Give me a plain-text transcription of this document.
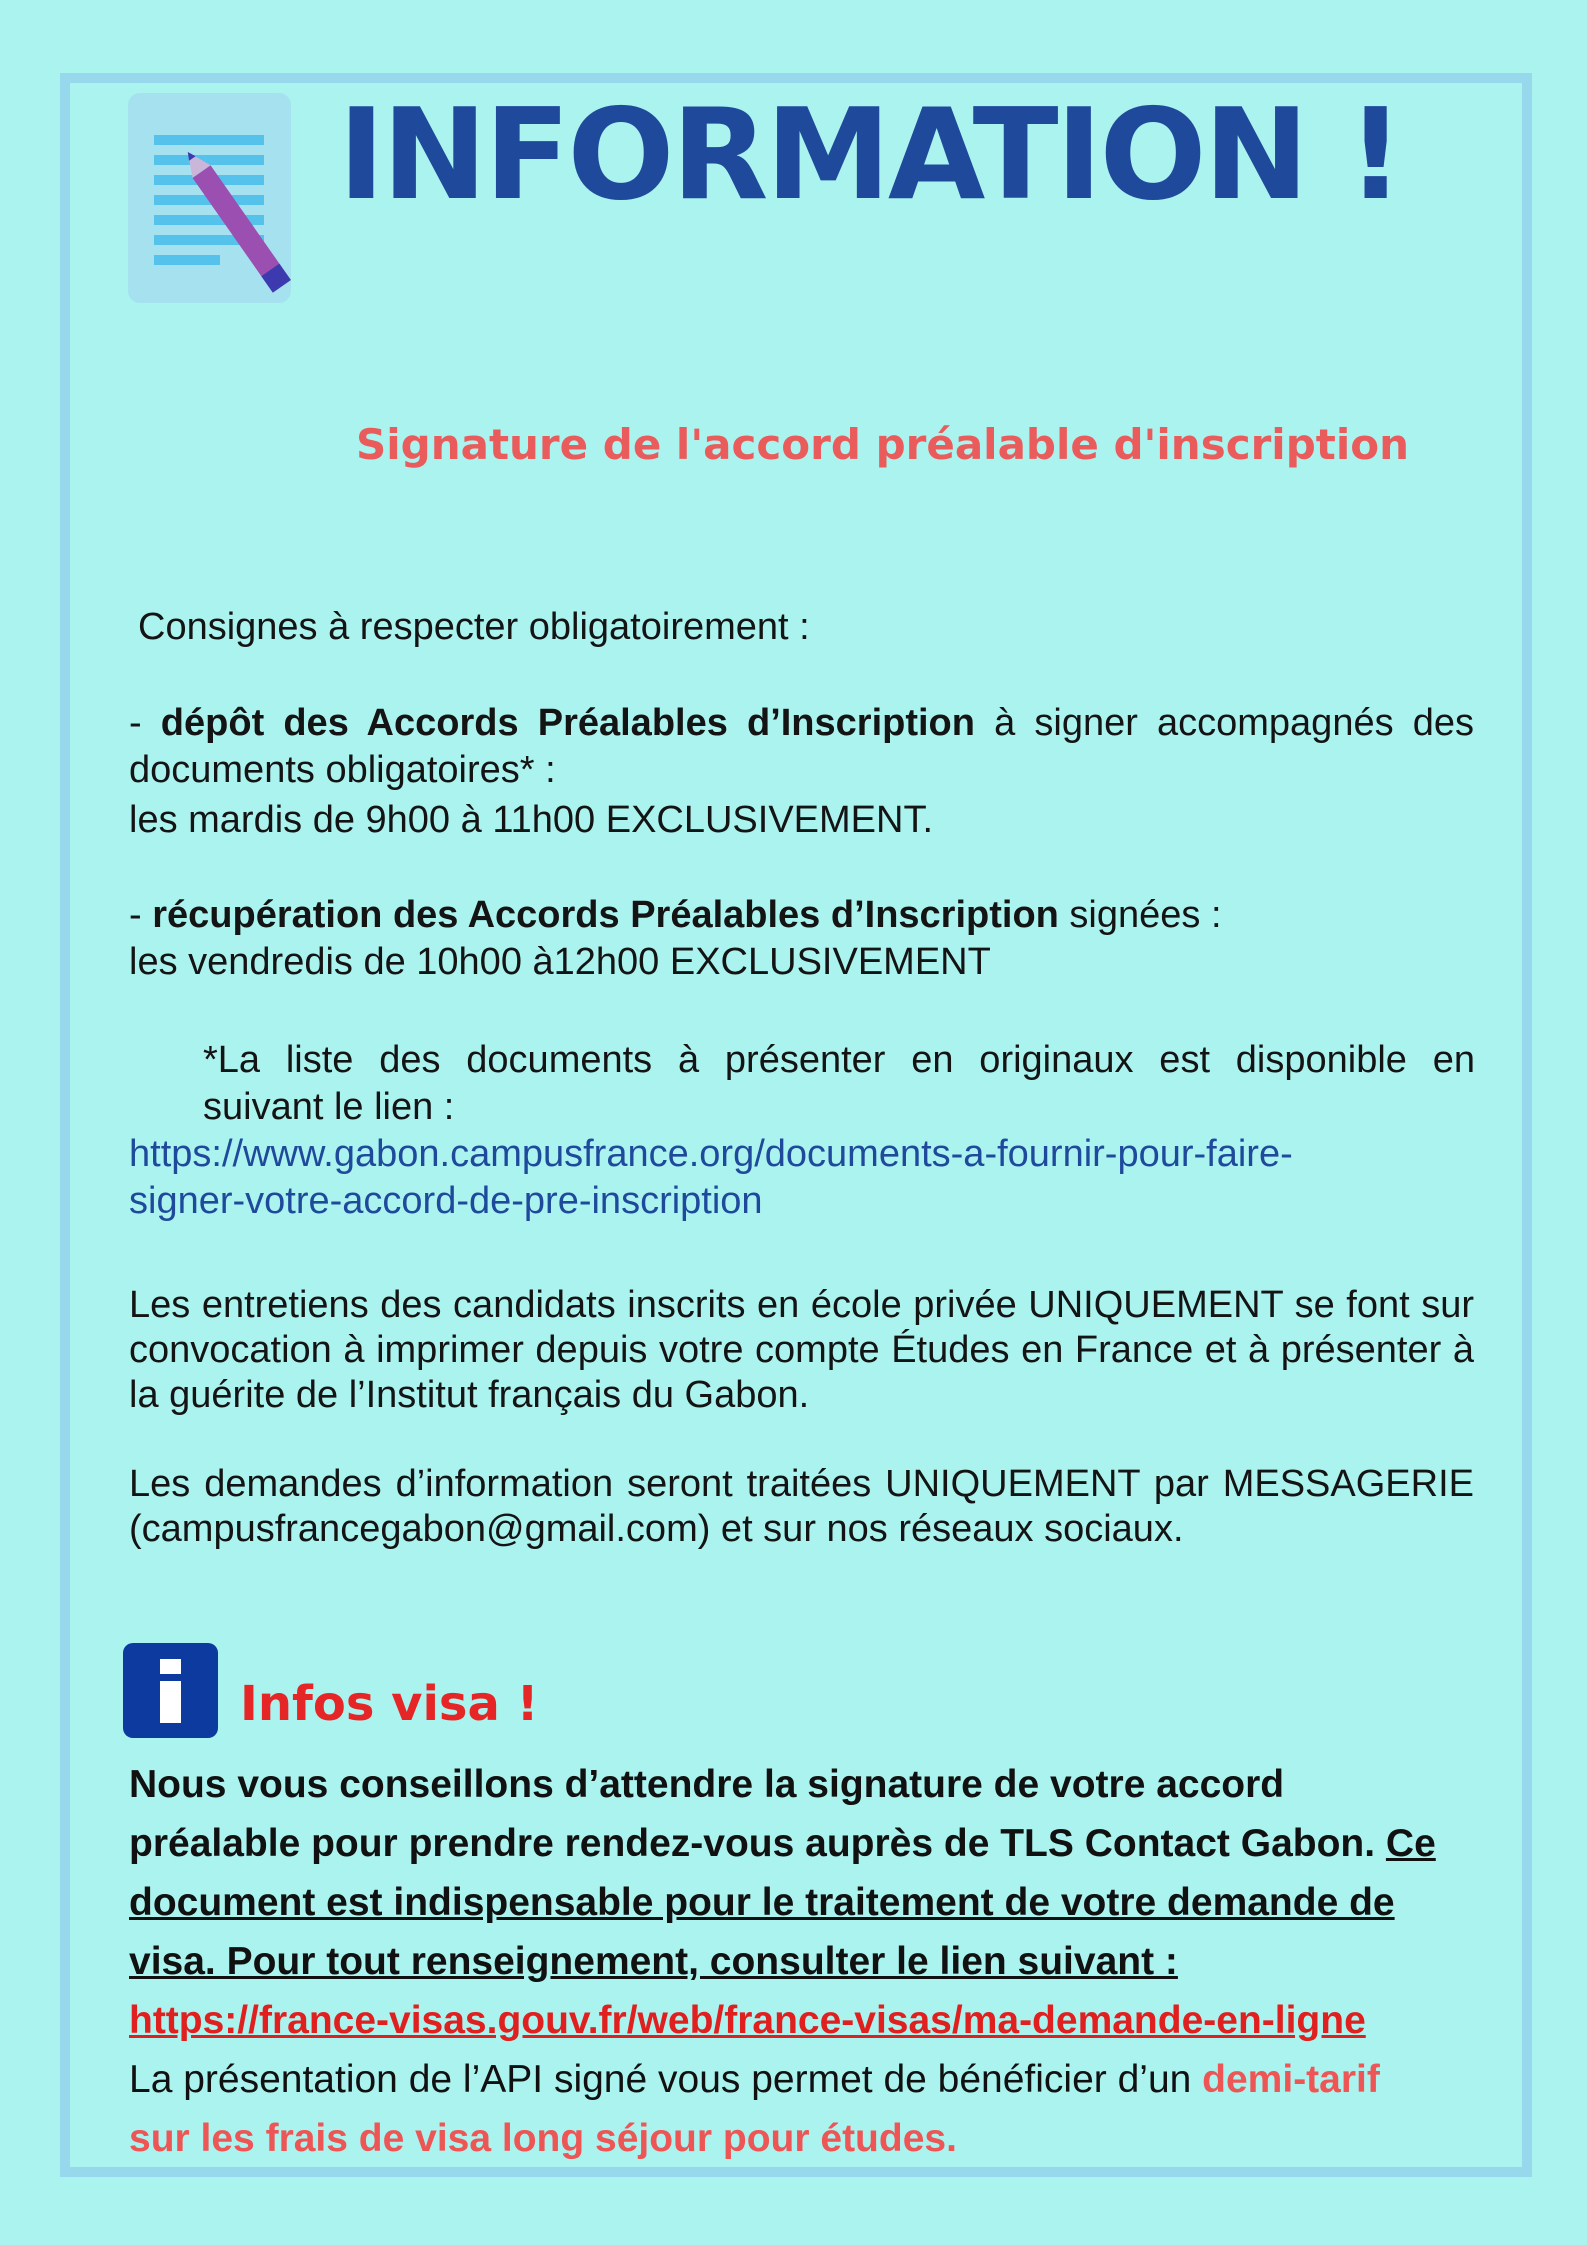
INFORMATION !
Signature de l'accord préalable d'inscription
Consignes à respecter obligatoirement :
- dépôt des Accords Préalables d’Inscription à signer accompagnés des documents obligatoires* :
les mardis de 9h00 à 11h00 EXCLUSIVEMENT.
- récupération des Accords Préalables d’Inscription signées :
les vendredis de 10h00 à12h00 EXCLUSIVEMENT
*La liste des documents à présenter en originaux est disponible en
suivant le lien :
https://www.gabon.campusfrance.org/documents-a-fournir-pour-faire-
signer-votre-accord-de-pre-inscription
Les entretiens des candidats inscrits en école privée UNIQUEMENT se font sur convocation à imprimer depuis votre compte Études en France et à présenter à la guérite de l’Institut français du Gabon.
Les demandes d’information seront traitées UNIQUEMENT par MESSAGERIE (campusfrancegabon@gmail.com) et sur nos réseaux sociaux.
Infos visa !
Nous vous conseillons d’attendre la signature de votre accord
préalable pour prendre rendez-vous auprès de TLS Contact Gabon. Ce
document est indispensable pour le traitement de votre demande de
visa. Pour tout renseignement, consulter le lien suivant :
https://france-visas.gouv.fr/web/france-visas/ma-demande-en-ligne
La présentation de l’API signé vous permet de bénéficier d’un demi-tarif
sur les frais de visa long séjour pour études.
